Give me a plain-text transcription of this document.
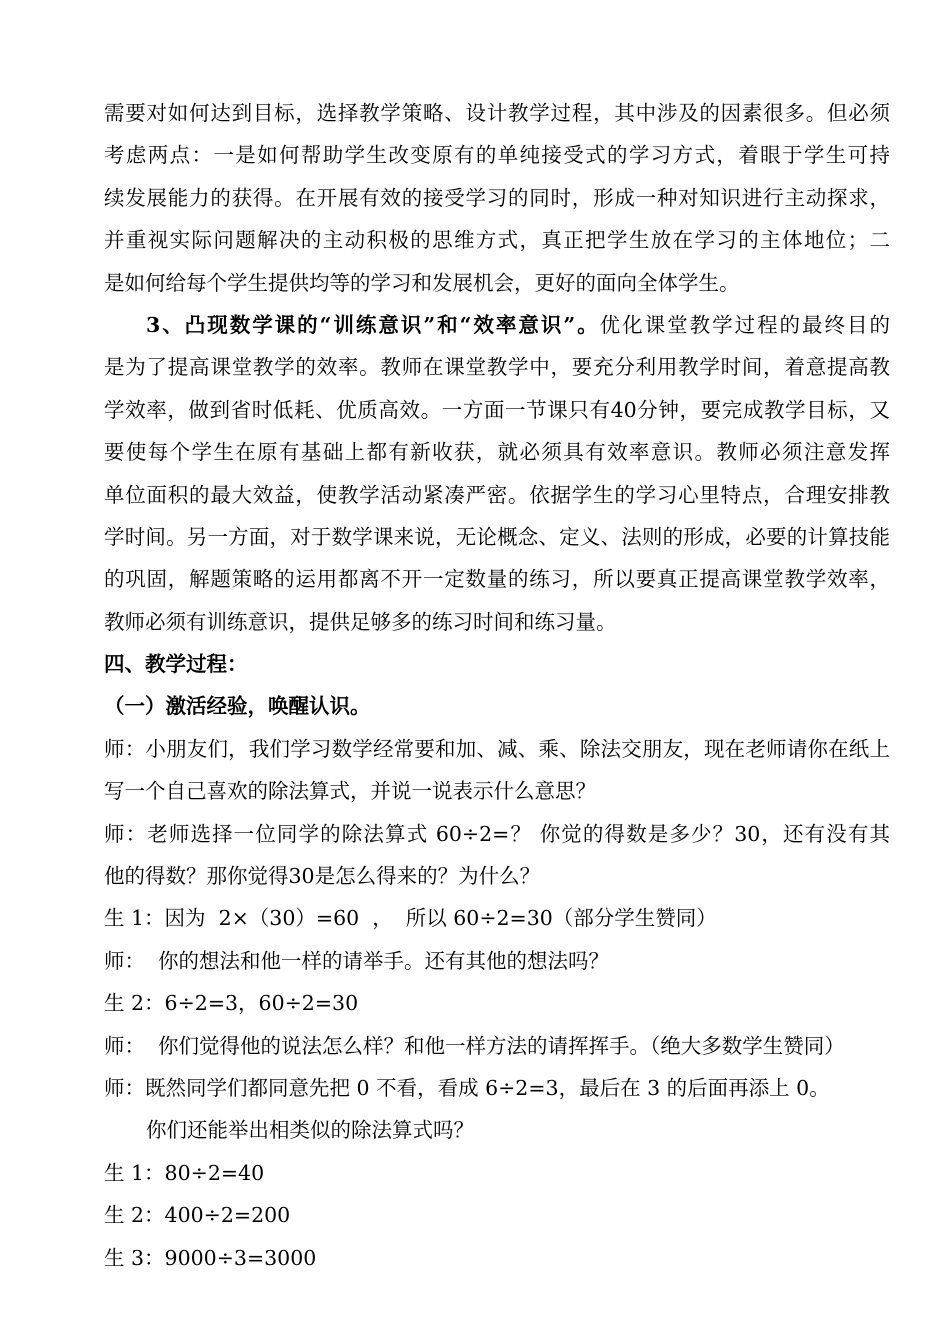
需要对如何达到目标，选择教学策略、设计教学过程，其中涉及的因素很多。但必须
考虑两点：一是如何帮助学生改变原有的单纯接受式的学习方式，着眼于学生可持
续发展能力的获得。在开展有效的接受学习的同时，形成一种对知识进行主动探求，
并重视实际问题解决的主动积极的思维方式，真正把学生放在学习的主体地位；二
是如何给每个学生提供均等的学习和发展机会，更好的面向全体学生。
3、凸现数学课的“训练意识”和“效率意识”。优化课堂教学过程的最终目的
是为了提高课堂教学的效率。教师在课堂教学中，要充分利用教学时间，着意提高教
学效率，做到省时低耗、优质高效。一方面一节课只有40分钟，要完成教学目标，又
要使每个学生在原有基础上都有新收获，就必须具有效率意识。教师必须注意发挥
单位面积的最大效益，使教学活动紧凑严密。依据学生的学习心里特点，合理安排教
学时间。另一方面，对于数学课来说，无论概念、定义、法则的形成，必要的计算技能
的巩固，解题策略的运用都离不开一定数量的练习，所以要真正提高课堂教学效率，
教师必须有训练意识，提供足够多的练习时间和练习量。
四、教学过程：
（一）激活经验，唤醒认识。
师：小朋友们，我们学习数学经常要和加、减、乘、除法交朋友，现在老师请你在纸上
写一个自己喜欢的除法算式，并说一说表示什么意思？
师：老师选择一位同学的除法算式 60÷2=？ 你觉的得数是多少？30，还有没有其
他的得数？那你觉得30是怎么得来的？为什么？
生 1：因为  2×（30）=60  ，  所以 60÷2=30（部分学生赞同）
师：  你的想法和他一样的请举手。还有其他的想法吗？
生 2：6÷2=3，60÷2=30
师：  你们觉得他的说法怎么样？和他一样方法的请挥挥手。（绝大多数学生赞同）
师：既然同学们都同意先把 0 不看，看成 6÷2=3，最后在 3 的后面再添上 0。
你们还能举出相类似的除法算式吗？
生 1：80÷2=40
生 2：400÷2=200
生 3：9000÷3=3000
